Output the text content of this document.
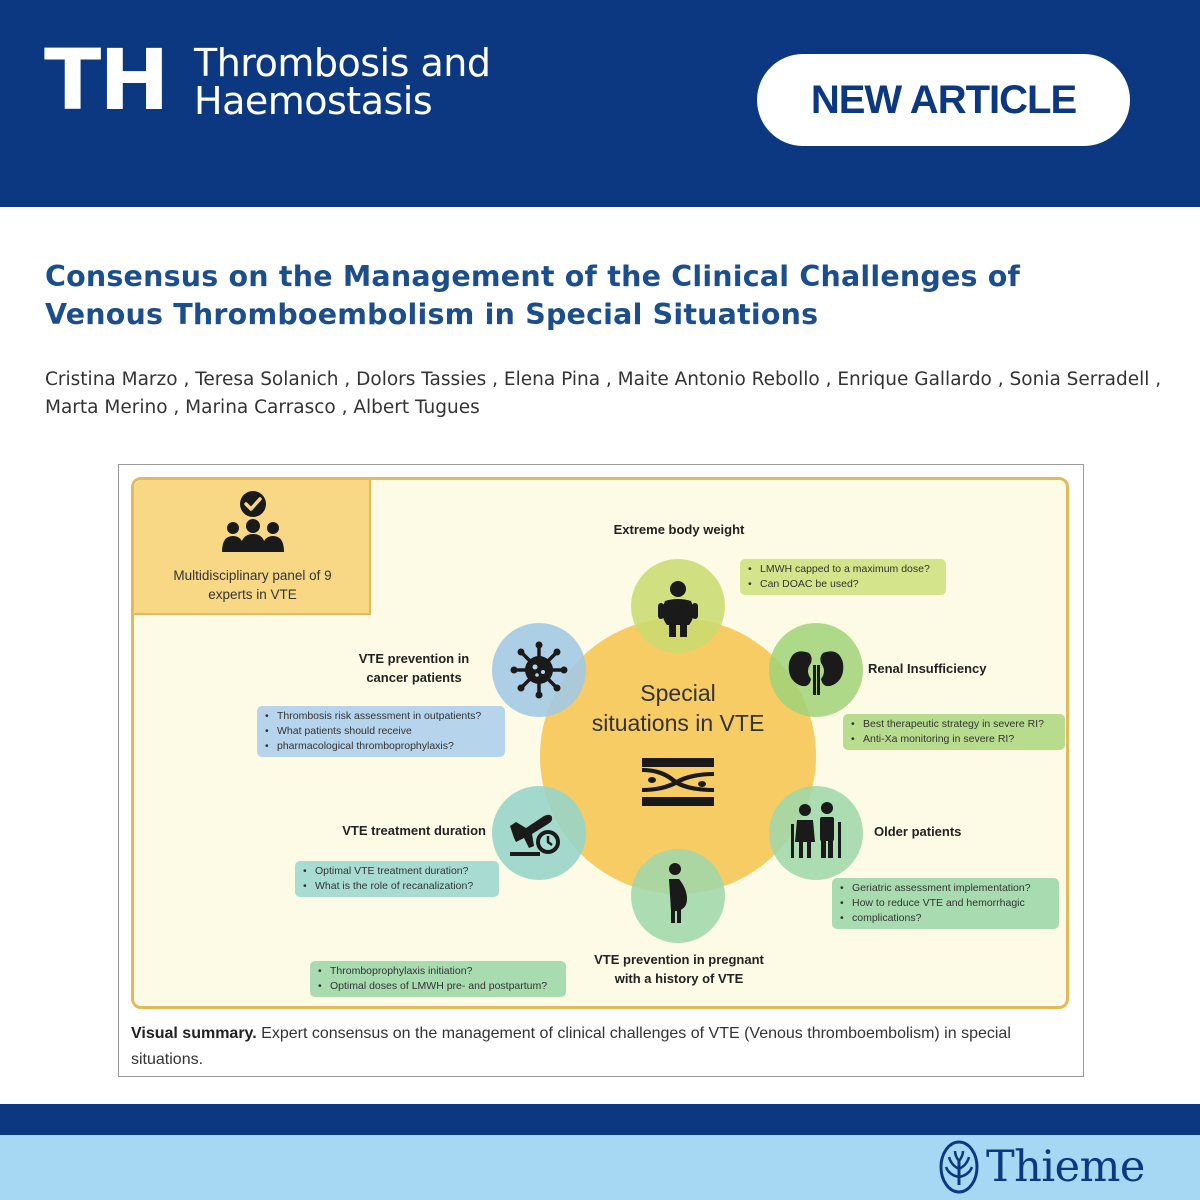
TH Thrombosis and
Haemostasis	NEW ARTICLE
Consensus on the Management of the Clinical Challenges of
Venous Thromboembolism in Special Situations
Cristina Marzo , Teresa Solanich , Dolors Tassies , Elena Pina , Maite Antonio Rebollo , Enrique Gallardo , Sonia Serradell , Marta Merino , Marina Carrasco , Albert Tugues
Multidisciplinary panel of 9
experts in VTE
Special
situations in VTE
Extreme body weight
• LMWH capped to a maximum dose?
• Can DOAC be used?
Renal Insufficiency
• Best therapeutic strategy in severe RI?
• Anti-Xa monitoring in severe RI?
Older patients
• Geriatric assessment implementation?
• How to reduce VTE and hemorrhagic
• complications?
VTE prevention in pregnant
with a history of VTE
• Thromboprophylaxis initiation?
• Optimal doses of LMWH pre- and postpartum?
VTE treatment duration
• Optimal VTE treatment duration?
• What is the role of recanalization?
VTE prevention in
cancer patients
• Thrombosis risk assessment in outpatients?
• What patients should receive
• pharmacological thromboprophylaxis?
Visual summary. Expert consensus on the management of clinical challenges of VTE (Venous thromboembolism) in special situations.
Thieme
